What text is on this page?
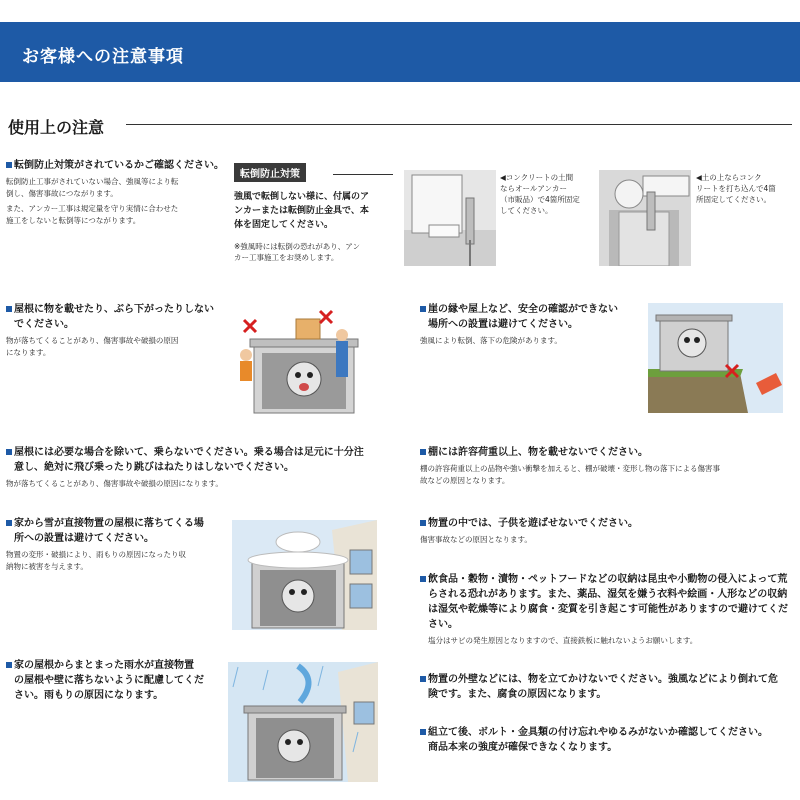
お客様への注意事項
使用上の注意
転倒防止対策がされているかご確認ください。
転倒防止工事がされていない場合、強風等により転
倒し、傷害事故につながります。
また、アンカー工事は規定量を守り実情に合わせた
施工をしないと転倒等につながります。
転倒防止対策
強風で転倒しない様に、付属のア
ンカーまたは転倒防止金具で、本
体を固定してください。
※強風時には転倒の恐れがあり、アン
カー工事施工をお奨めします。
◀コンクリートの土間
ならオールアンカー
（市販品）で4箇所固定
してください。
◀土の上ならコンク
リートを打ち込んで4箇
所固定してください。
屋根に物を載せたり、ぶら下がったりしない
でください。
物が落ちてくることがあり、傷害事故や破損の原因
になります。
崖の縁や屋上など、安全の確認ができない
場所への設置は避けてください。
強風により転倒、落下の危険があります。
屋根には必要な場合を除いて、乗らないでください。乗る場合は足元に十分注
意し、絶対に飛び乗ったり跳びはねたりはしないでください。
物が落ちてくることがあり、傷害事故や破損の原因になります。
棚には許容荷重以上、物を載せないでください。
棚の許容荷重以上の品物や強い衝撃を加えると、棚が破壊・変形し物の落下による傷害事
故などの原因となります。
家から雪が直接物置の屋根に落ちてくる場
所への設置は避けてください。
物置の変形・破損により、雨もりの原因になったり収
納物に被害を与えます。
物置の中では、子供を遊ばせないでください。
傷害事故などの原因となります。
飲食品・穀物・漬物・ペットフードなどの収納は昆虫や小動物の侵入によって荒
らされる恐れがあります。また、薬品、湿気を嫌う衣料や絵画・人形などの収納
は湿気や乾燥等により腐食・変質を引き起こす可能性がありますので避けてくだ
さい。
塩分はサビの発生原因となりますので、直接鉄板に触れないようお願いします。
家の屋根からまとまった雨水が直接物置
の屋根や壁に落ちないように配慮してくだ
さい。雨もりの原因になります。
物置の外壁などには、物を立てかけないでください。強風などにより倒れて危
険です。また、腐食の原因になります。
組立て後、ボルト・金具類の付け忘れやゆるみがないか確認してください。
商品本来の強度が確保できなくなります。
